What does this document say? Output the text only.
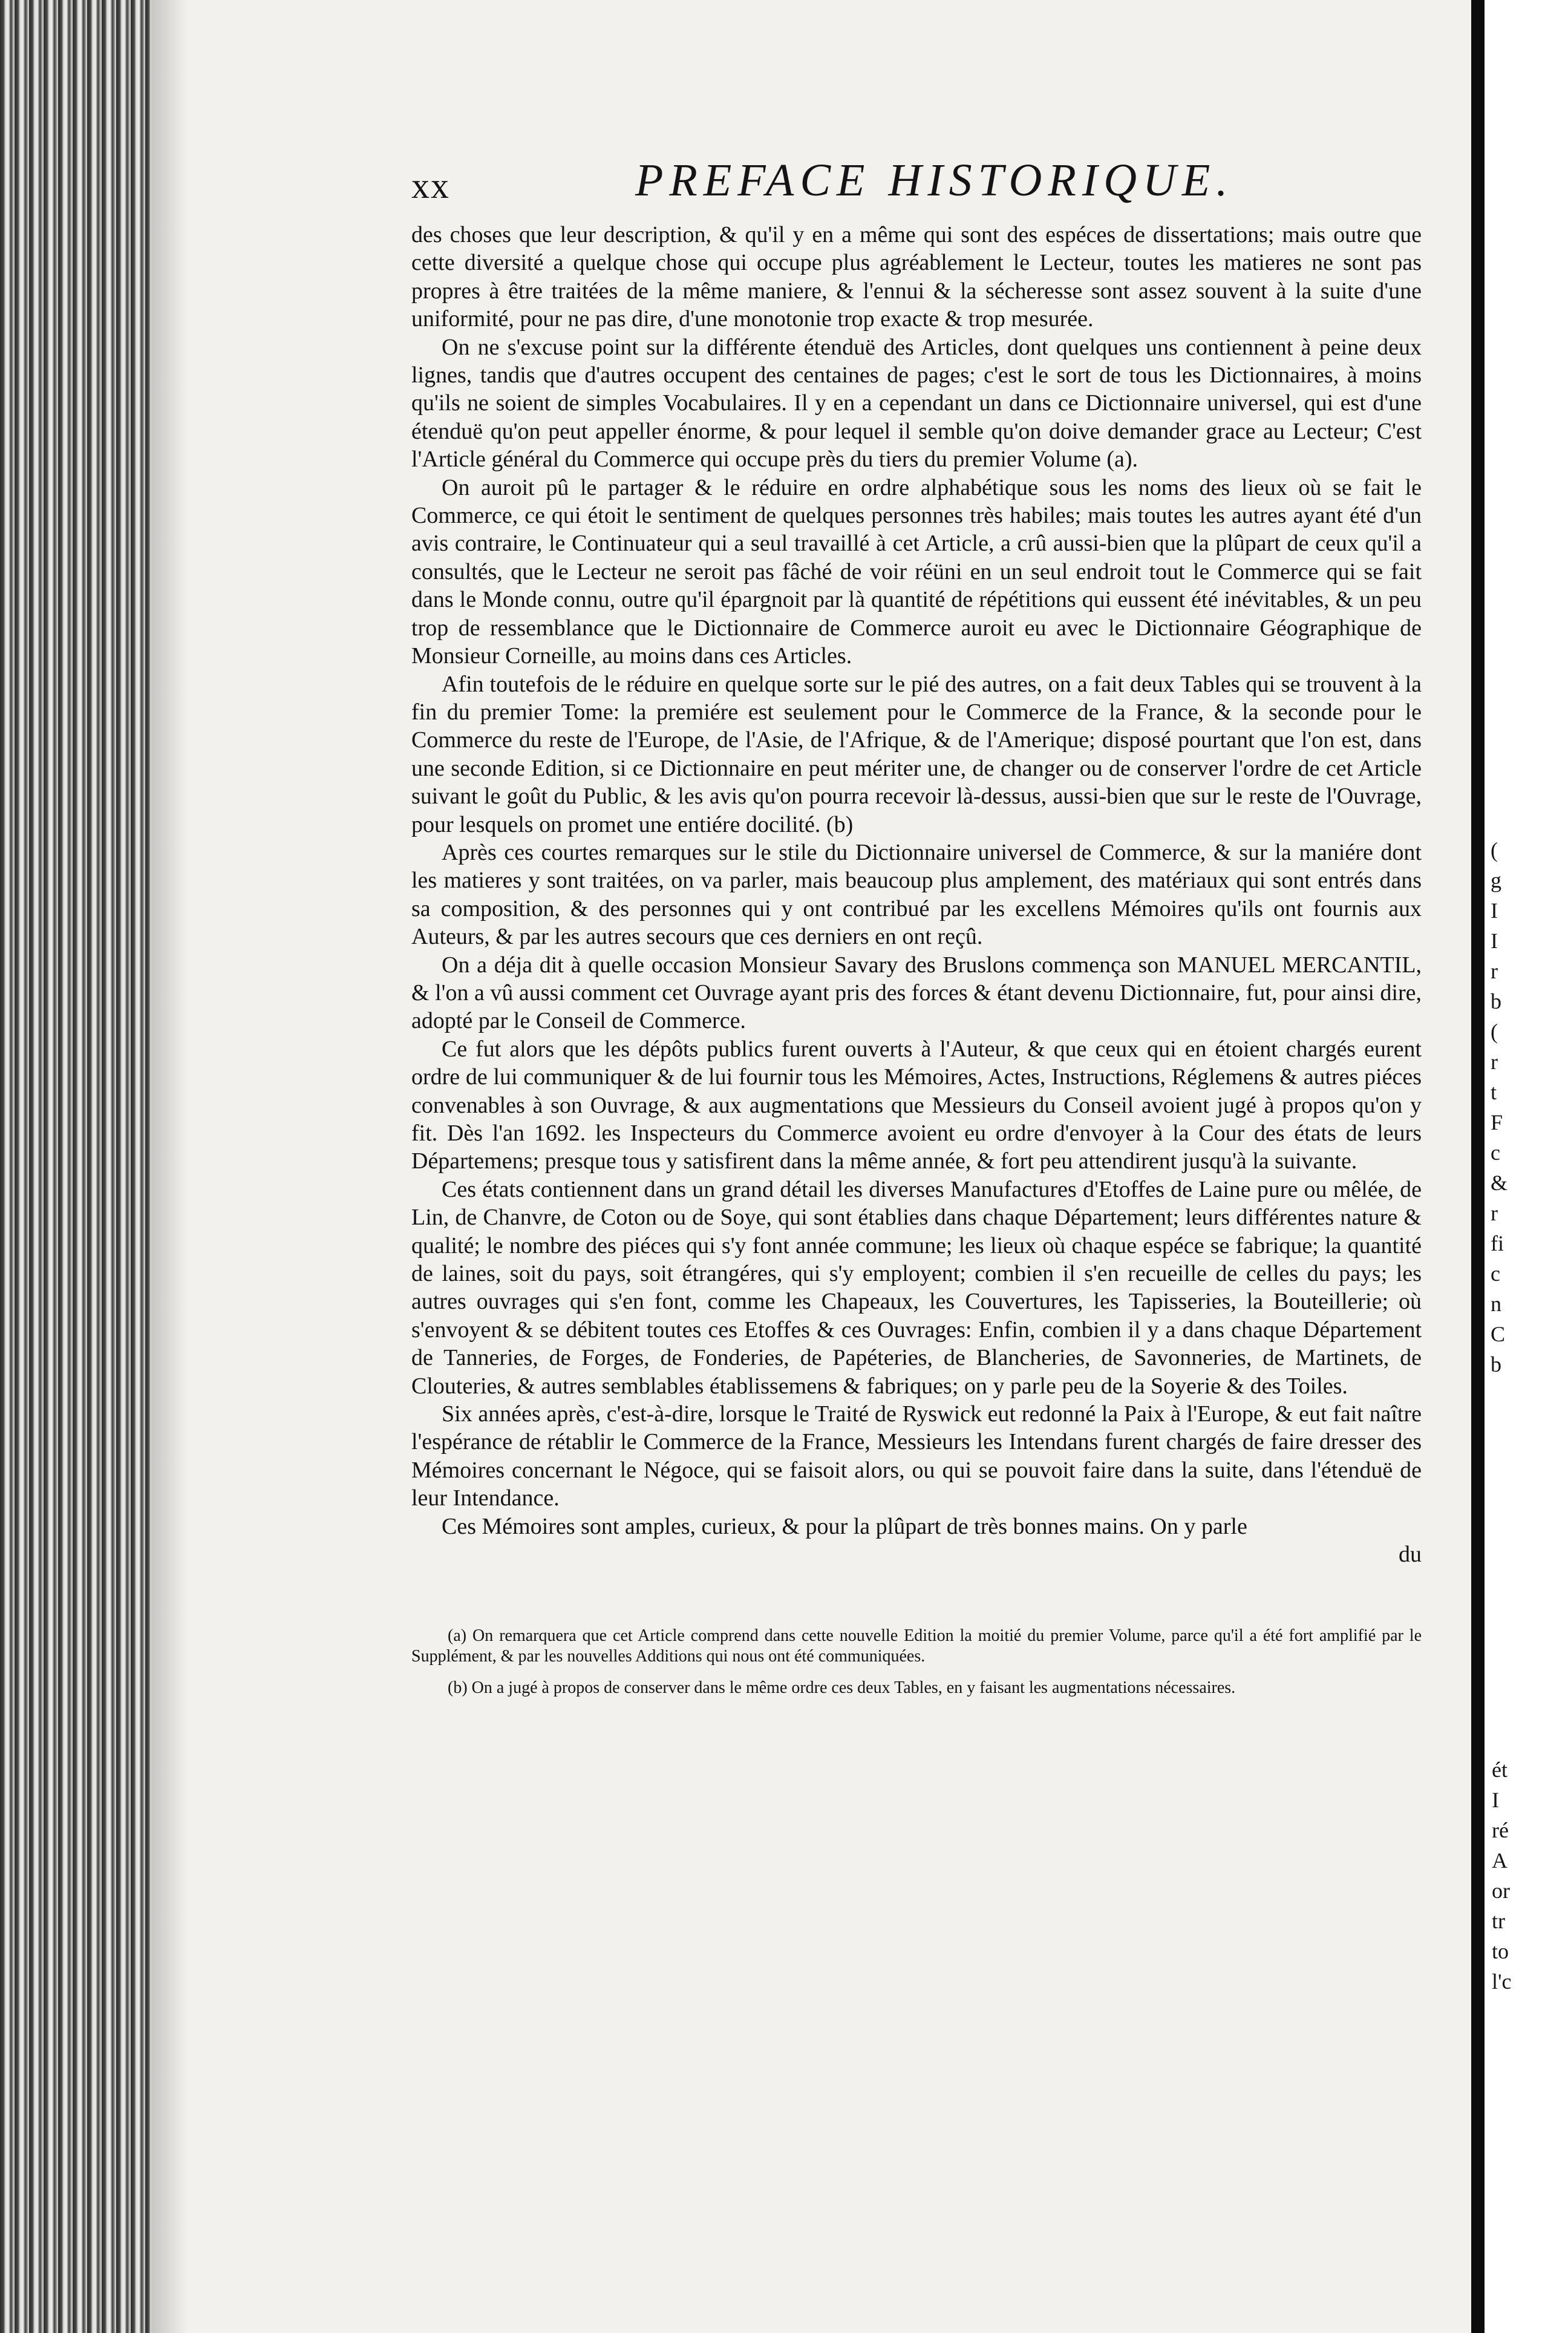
(
g
I
I
r
b
(
r
t
F
c
&
r
fi
c
n
C
b
ét
I
ré
A
or
tr
to
l'c
xx	PREFACE HISTORIQUE.

des choses que leur description, & qu'il y en a même qui sont des espéces de dissertations; mais outre que cette diversité a quelque chose qui occupe plus agréablement le Lecteur, toutes les matieres ne sont pas propres à être traitées de la même maniere, & l'ennui & la sécheresse sont assez souvent à la suite d'une uniformité, pour ne pas dire, d'une monotonie trop exacte & trop mesurée.

On ne s'excuse point sur la différente étenduë des Articles, dont quelques uns contiennent à peine deux lignes, tandis que d'autres occupent des centaines de pages; c'est le sort de tous les Dictionnaires, à moins qu'ils ne soient de simples Vocabulaires. Il y en a cependant un dans ce Dictionnaire universel, qui est d'une étenduë qu'on peut appeller énorme, & pour lequel il semble qu'on doive demander grace au Lecteur; C'est l'Article général du Commerce qui occupe près du tiers du premier Volume (a).

On auroit pû le partager & le réduire en ordre alphabétique sous les noms des lieux où se fait le Commerce, ce qui étoit le sentiment de quelques personnes très habiles; mais toutes les autres ayant été d'un avis contraire, le Continuateur qui a seul travaillé à cet Article, a crû aussi-bien que la plûpart de ceux qu'il a consultés, que le Lecteur ne seroit pas fâché de voir réüni en un seul endroit tout le Commerce qui se fait dans le Monde connu, outre qu'il épargnoit par là quantité de répétitions qui eussent été inévitables, & un peu trop de ressemblance que le Dictionnaire de Commerce auroit eu avec le Dictionnaire Géographique de Monsieur Corneille, au moins dans ces Articles.

Afin toutefois de le réduire en quelque sorte sur le pié des autres, on a fait deux Tables qui se trouvent à la fin du premier Tome: la premiére est seulement pour le Commerce de la France, & la seconde pour le Commerce du reste de l'Europe, de l'Asie, de l'Afrique, & de l'Amerique; disposé pourtant que l'on est, dans une seconde Edition, si ce Dictionnaire en peut mériter une, de changer ou de conserver l'ordre de cet Article suivant le goût du Public, & les avis qu'on pourra recevoir là-dessus, aussi-bien que sur le reste de l'Ouvrage, pour lesquels on promet une entiére docilité. (b)

Après ces courtes remarques sur le stile du Dictionnaire universel de Commerce, & sur la maniére dont les matieres y sont traitées, on va parler, mais beaucoup plus amplement, des matériaux qui sont entrés dans sa composition, & des personnes qui y ont contribué par les excellens Mémoires qu'ils ont fournis aux Auteurs, & par les autres secours que ces derniers en ont reçû.

On a déja dit à quelle occasion Monsieur Savary des Bruslons commença son MANUEL MERCANTIL, & l'on a vû aussi comment cet Ouvrage ayant pris des forces & étant devenu Dictionnaire, fut, pour ainsi dire, adopté par le Conseil de Commerce.

Ce fut alors que les dépôts publics furent ouverts à l'Auteur, & que ceux qui en étoient chargés eurent ordre de lui communiquer & de lui fournir tous les Mémoires, Actes, Instructions, Réglemens & autres piéces convenables à son Ouvrage, & aux augmentations que Messieurs du Conseil avoient jugé à propos qu'on y fit. Dès l'an 1692. les Inspecteurs du Commerce avoient eu ordre d'envoyer à la Cour des états de leurs Départemens; presque tous y satisfirent dans la même année, & fort peu attendirent jusqu'à la suivante.

Ces états contiennent dans un grand détail les diverses Manufactures d'Etoffes de Laine pure ou mêlée, de Lin, de Chanvre, de Coton ou de Soye, qui sont établies dans chaque Département; leurs différentes nature & qualité; le nombre des piéces qui s'y font année commune; les lieux où chaque espéce se fabrique; la quantité de laines, soit du pays, soit étrangéres, qui s'y employent; combien il s'en recueille de celles du pays; les autres ouvrages qui s'en font, comme les Chapeaux, les Couvertures, les Tapisseries, la Bouteillerie; où s'envoyent & se débitent toutes ces Etoffes & ces Ouvrages: Enfin, combien il y a dans chaque Département de Tanneries, de Forges, de Fonderies, de Papéteries, de Blancheries, de Savonneries, de Martinets, de Clouteries, & autres semblables établissemens & fabriques; on y parle peu de la Soyerie & des Toiles.

Six années après, c'est-à-dire, lorsque le Traité de Ryswick eut redonné la Paix à l'Europe, & eut fait naître l'espérance de rétablir le Commerce de la France, Messieurs les Intendans furent chargés de faire dresser des Mémoires concernant le Négoce, qui se faisoit alors, ou qui se pouvoit faire dans la suite, dans l'étenduë de leur Intendance.

Ces Mémoires sont amples, curieux, & pour la plûpart de très bonnes mains. On y parle

du

(a) On remarquera que cet Article comprend dans cette nouvelle Edition la moitié du premier Volume, parce qu'il a été fort amplifié par le Supplément, & par les nouvelles Additions qui nous ont été communiquées.

(b) On a jugé à propos de conserver dans le même ordre ces deux Tables, en y faisant les augmentations nécessaires.
